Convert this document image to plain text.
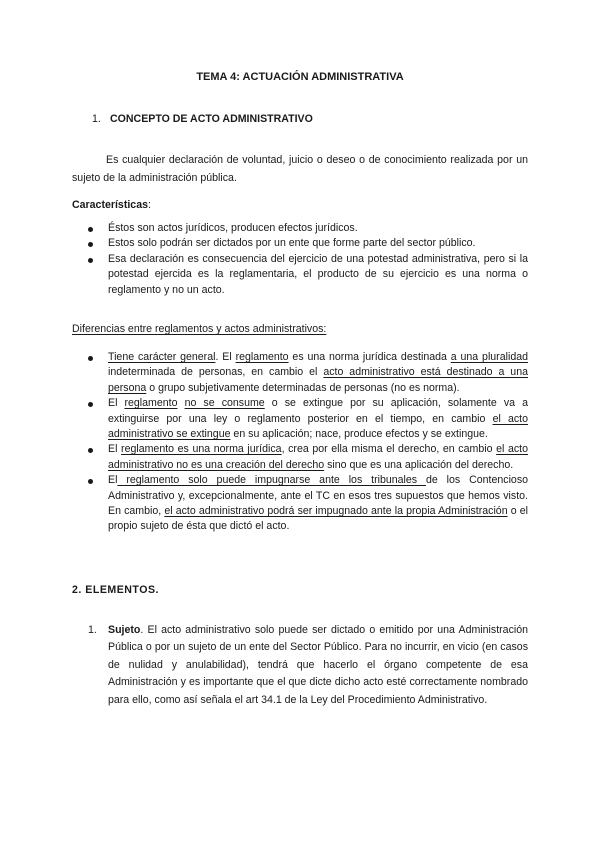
TEMA 4: ACTUACIÓN ADMINISTRATIVA
1. CONCEPTO DE ACTO ADMINISTRATIVO
Es cualquier declaración de voluntad, juicio o deseo o de conocimiento realizada por un sujeto de la administración pública.
Características:
Éstos son actos jurídicos, producen efectos jurídicos.
Estos solo podrán ser dictados por un ente que forme parte del sector público.
Esa declaración es consecuencia del ejercicio de una potestad administrativa, pero si la potestad ejercida es la reglamentaria, el producto de su ejercicio es una norma o reglamento y no un acto.
Diferencias entre reglamentos y actos administrativos:
Tiene carácter general. El reglamento es una norma jurídica destinada a una pluralidad indeterminada de personas, en cambio el acto administrativo está destinado a una persona o grupo subjetivamente determinadas de personas (no es norma).
El reglamento no se consume o se extingue por su aplicación, solamente va a extinguirse por una ley o reglamento posterior en el tiempo, en cambio el acto administrativo se extingue en su aplicación; nace, produce efectos y se extingue.
El reglamento es una norma jurídica, crea por ella misma el derecho, en cambio el acto administrativo no es una creación del derecho sino que es una aplicación del derecho.
El reglamento solo puede impugnarse ante los tribunales de los Contencioso Administrativo y, excepcionalmente, ante el TC en esos tres supuestos que hemos visto. En cambio, el acto administrativo podrá ser impugnado ante la propia Administración o el propio sujeto de ésta que dictó el acto.
2. ELEMENTOS.
1. Sujeto. El acto administrativo solo puede ser dictado o emitido por una Administración Pública o por un sujeto de un ente del Sector Público. Para no incurrir, en vicio (en casos de nulidad y anulabilidad), tendrá que hacerlo el órgano competente de esa Administración y es importante que el que dicte dicho acto esté correctamente nombrado para ello, como así señala el art 34.1 de la Ley del Procedimiento Administrativo.
